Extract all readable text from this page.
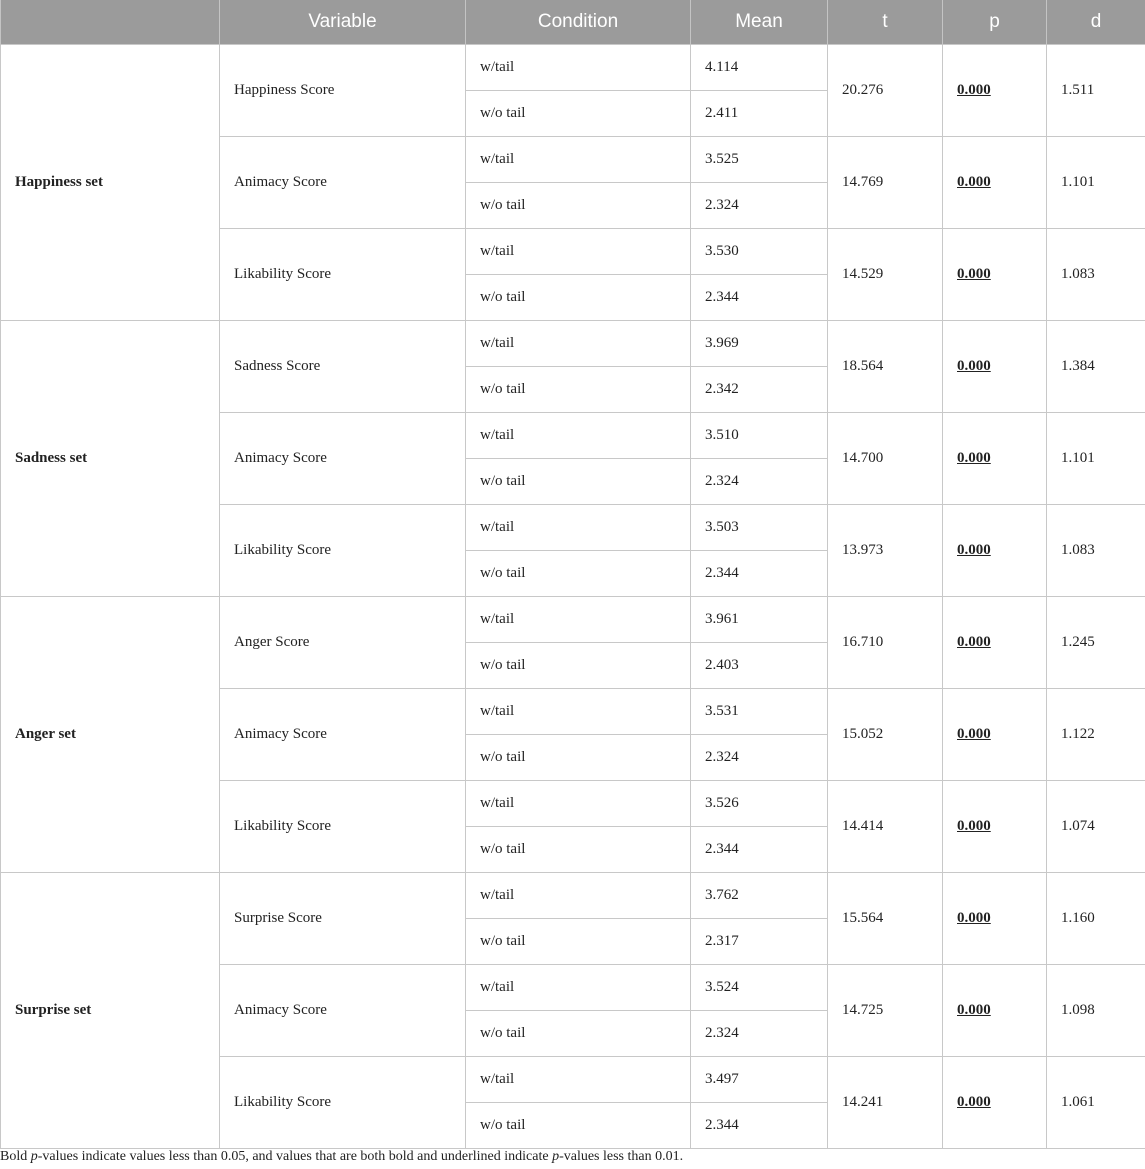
	Variable	Condition	Mean	t	p	d
Happiness set	Happiness Score	w/tail	4.114	20.276	0.000	1.511
		w/o tail	2.411			
	Animacy Score	w/tail	3.525	14.769	0.000	1.101
		w/o tail	2.324			
	Likability Score	w/tail	3.530	14.529	0.000	1.083
		w/o tail	2.344			
Sadness set	Sadness Score	w/tail	3.969	18.564	0.000	1.384
		w/o tail	2.342			
	Animacy Score	w/tail	3.510	14.700	0.000	1.101
		w/o tail	2.324			
	Likability Score	w/tail	3.503	13.973	0.000	1.083
		w/o tail	2.344			
Anger set	Anger Score	w/tail	3.961	16.710	0.000	1.245
		w/o tail	2.403			
	Animacy Score	w/tail	3.531	15.052	0.000	1.122
		w/o tail	2.324			
	Likability Score	w/tail	3.526	14.414	0.000	1.074
		w/o tail	2.344			
Surprise set	Surprise Score	w/tail	3.762	15.564	0.000	1.160
		w/o tail	2.317			
	Animacy Score	w/tail	3.524	14.725	0.000	1.098
		w/o tail	2.324			
	Likability Score	w/tail	3.497	14.241	0.000	1.061
		w/o tail	2.344			
Bold p-values indicate values less than 0.05, and values that are both bold and underlined indicate p-values less than 0.01.
